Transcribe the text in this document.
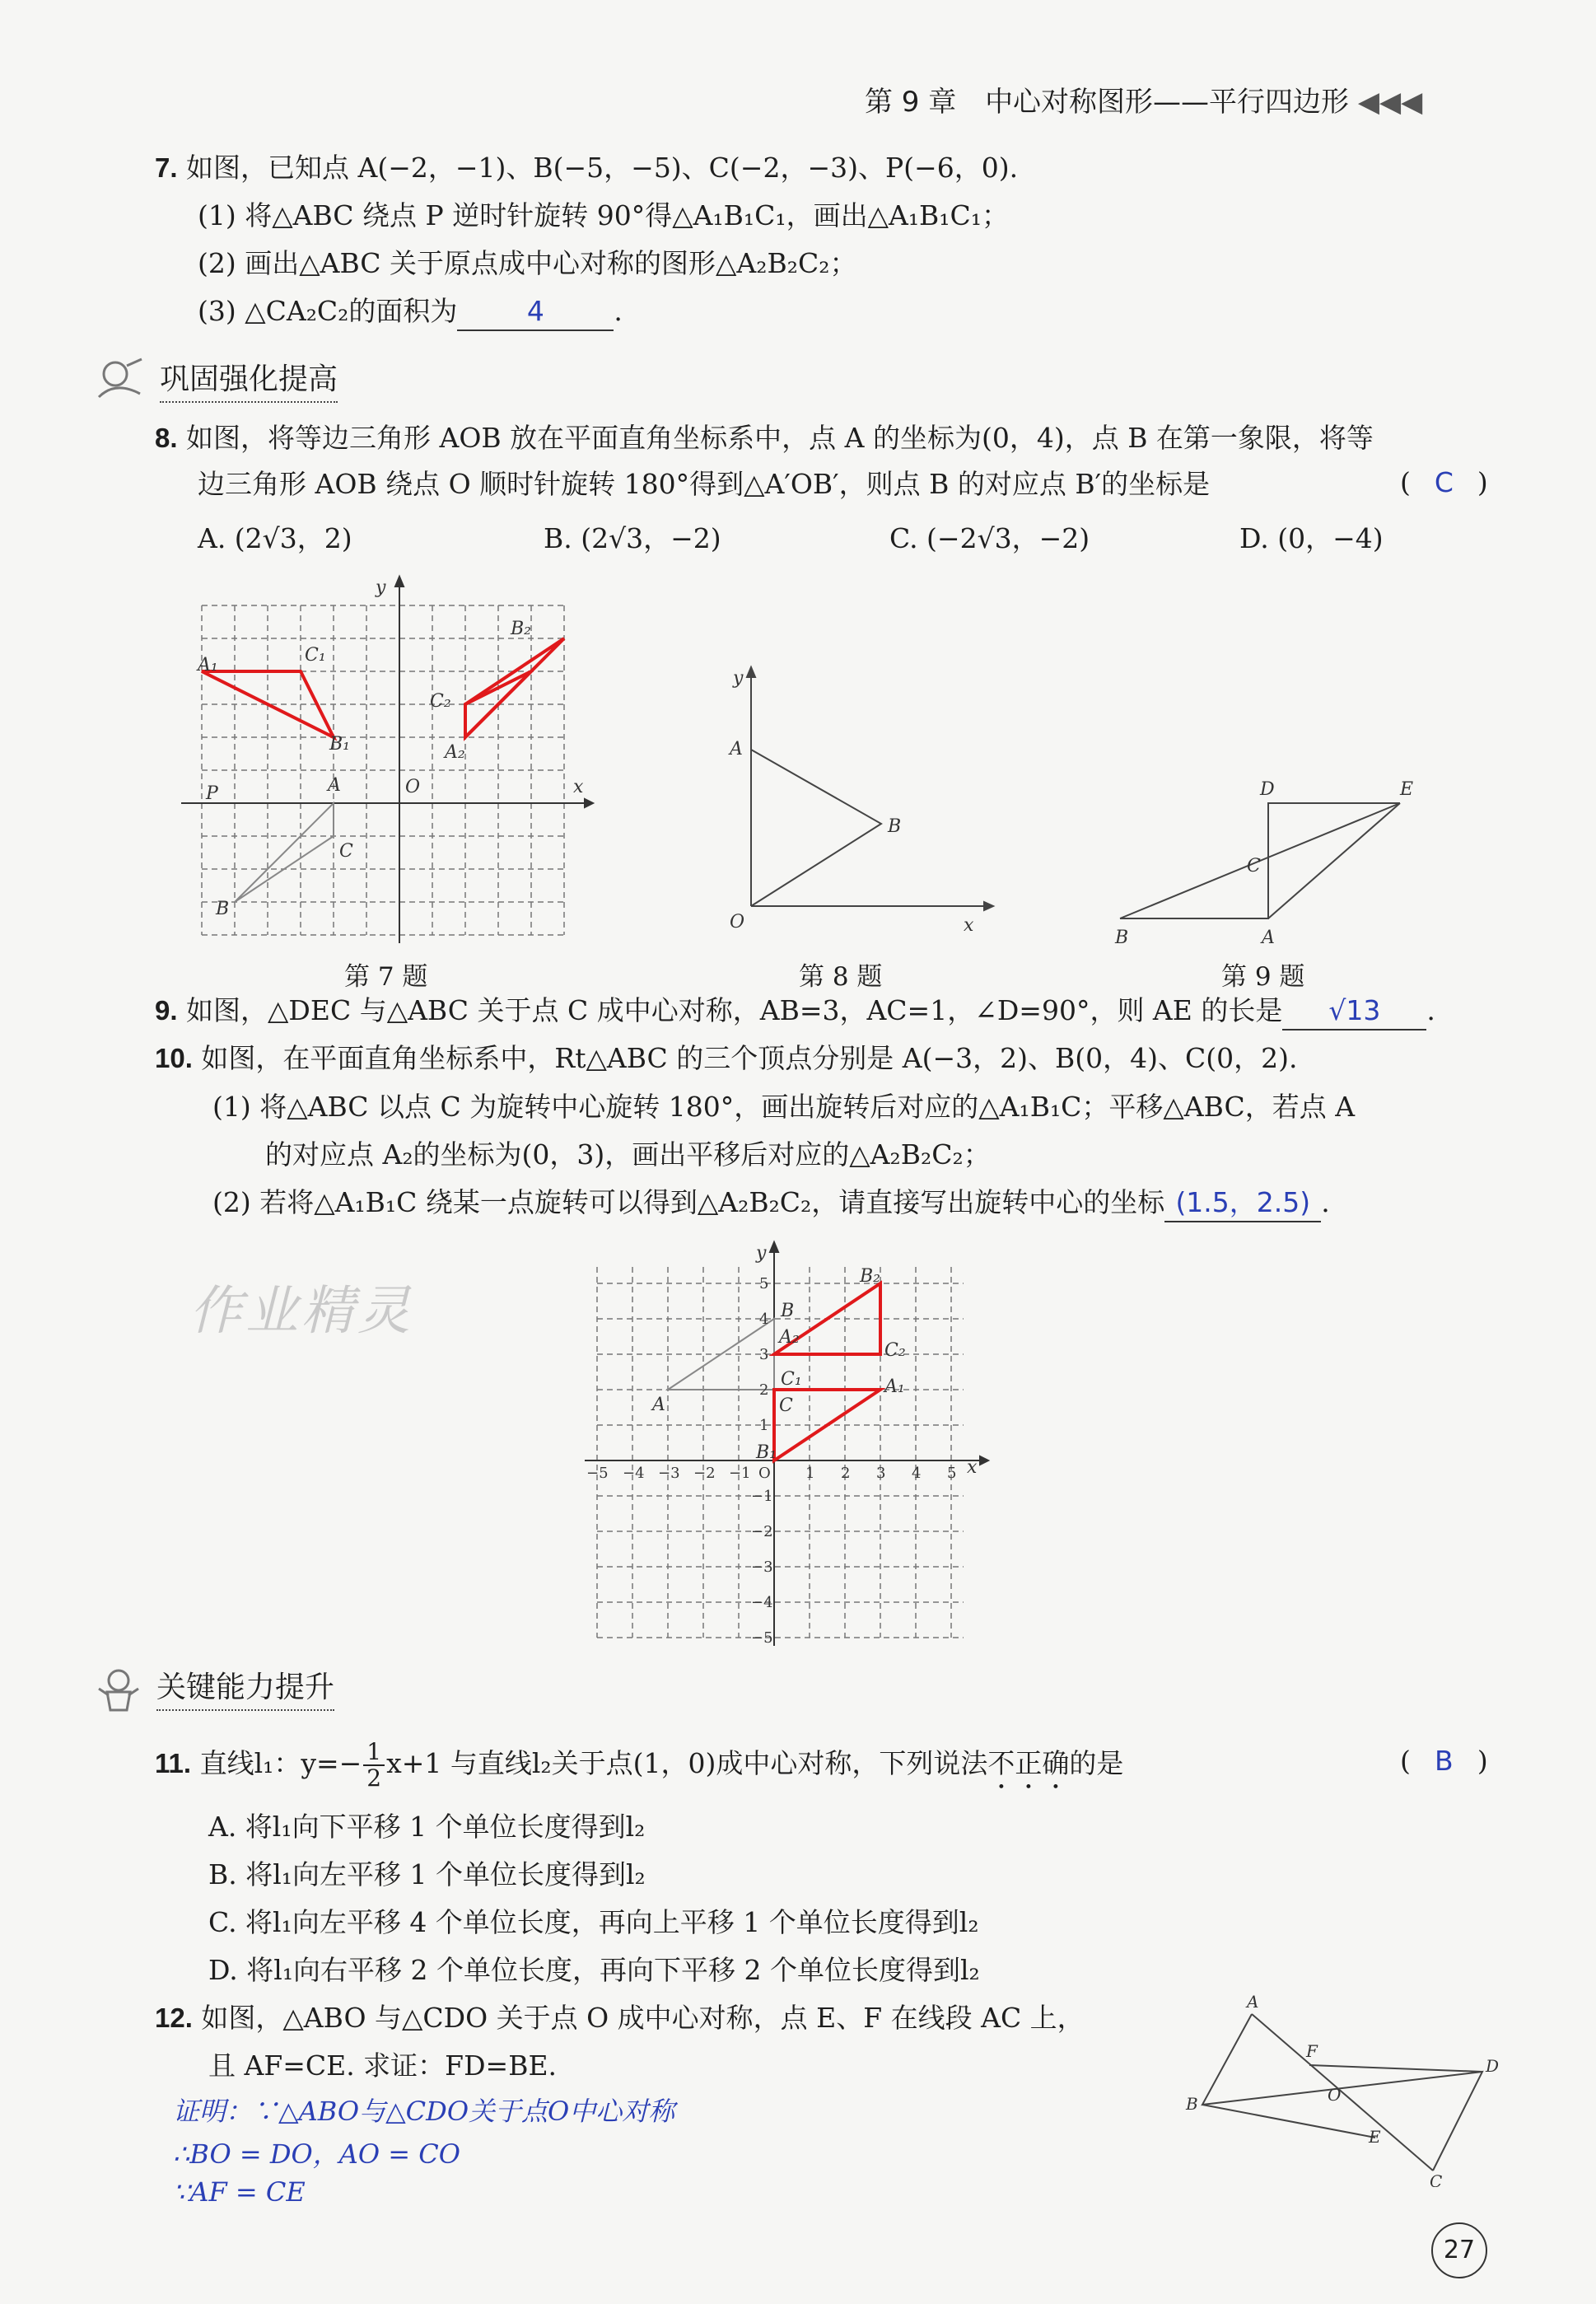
第 9 章 中心对称图形——平行四边形 ◀◀◀
7. 如图，已知点 A(−2，−1)、B(−5，−5)、C(−2，−3)、P(−6，0).
(1) 将△ABC 绕点 P 逆时针旋转 90°得△A₁B₁C₁，画出△A₁B₁C₁；
(2) 画出△ABC 关于原点成中心对称的图形△A₂B₂C₂；
(3) △CA₂C₂的面积为	4	.
巩固强化提高
8. 如图，将等边三角形 AOB 放在平面直角坐标系中，点 A 的坐标为(0，4)，点 B 在第一象限，将等
边三角形 AOB 绕点 O 顺时针旋转 180°得到△A′OB′，则点 B 的对应点 B′的坐标是	( C )
A. (2√3，2)	B. (2√3，−2)	C. (−2√3，−2)	D. (0，−4)
A₁	C₁
B₁
B₂
C₂
A₂
P	O
A
C
B
x
y
A
B
O	x
y
B	A
C
D	E
第 7 题	第 8 题	第 9 题
9. 如图，△DEC 与△ABC 关于点 C 成中心对称，AB=3，AC=1，∠D=90°，则 AE 的长是 √13 .
10. 如图，在平面直角坐标系中，Rt△ABC 的三个顶点分别是 A(−3，2)、B(0，4)、C(0，2).
(1) 将△ABC 以点 C 为旋转中心旋转 180°，画出旋转后对应的△A₁B₁C；平移△ABC，若点 A
的对应点 A₂的坐标为(0，3)，画出平移后对应的△A₂B₂C₂；
(2) 若将△A₁B₁C 绕某一点旋转可以得到△A₂B₂C₂，请直接写出旋转中心的坐标 (1.5，2.5) .
作业精灵
−5 −4 −3 −2 −1 O 1 2 3 4 5
5
4
3
2
1
−1
−2
−3
−4
−5
A
B
C
A₁
B₁
C₁
A₂
B₂
C₂
x
y
关键能力提升
11. 直线l₁：$y=- \frac{1}{2} x+1$ 与直线l₂关于点(1，0)成中心对称，下列说法不正确的是	( B )
A. 将l₁向下平移 1 个单位长度得到l₂
B. 将l₁向左平移 1 个单位长度得到l₂
C. 将l₁向左平移 4 个单位长度，再向上平移 1 个单位长度得到l₂
D. 将l₁向右平移 2 个单位长度，再向下平移 2 个单位长度得到l₂
12. 如图，△ABO 与△CDO 关于点 O 成中心对称，点 E、F 在线段 AC 上，
且 AF=CE. 求证：FD=BE.
A
B
C
D
E
F
O
证明：∵△ABO与△CDO关于点O中心对称
∴BO = DO，AO = CO
∵AF = CE
27
